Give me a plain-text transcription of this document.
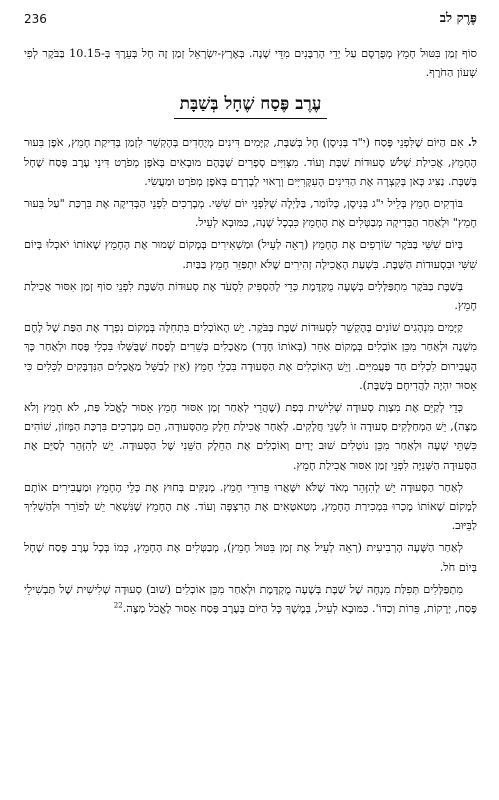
236	פֶּרֶק לב

סוֹף זְמַן בִּטּוּל חָמֵץ מְפֻרְסָם עַל יְדֵי הָרַבָּנִים מִדֵּי שָׁנָה. בְּאֶרֶץ-יִשְׂרָאֵל זְמַן זֶה חָל בְּעֵרֶךְ בְּ-10.15 בַּבֹּקֶר לְפִי שְׁעוֹן הַחֹרֶף.

עֶרֶב פֶּסַח שֶׁחָל בְּשַׁבָּת

ל. אִם הַיּוֹם שֶׁלִּפְנֵי פֶּסַח (י"ד בְּנִיסָן) חָל בְּשַׁבָּת, קַיָּמִים דִּינִים מְיֻחָדִים בְּהֶקְשֵׁר לִזְמַן בְּדִיקַת חָמֵץ, אֹפֶן בִּעוּר הֶחָמֵץ, אֲכִילַת שָׁלֹשׁ סְעוּדוֹת שַׁבָּת וְעוֹד. מִצְּוִיִּים סְפָרִים שֶׁבָּהֶם מוּבָאִים בְּאֹפֶן מְפֹרָט דִּינֵי עֶרֶב פֶּסַח שֶׁחָל בְּשַׁבָּת. נַצִּיג כָּאן בְּקִצְרָה אֶת הַדִּינִים הָעִקָּרִיִּים וְרָאוּי לְבָרְרָם בְּאֹפֶן מְפֹרָט וּמַעֲשִׂי.

בּוֹדְקִים חָמֵץ בְּלֵיל י"ג בְּנִיסָן, כְּלוֹמַר, בַּלַּיְלָה שֶׁלִּפְנֵי יוֹם שִׁשִּׁי. מְבָרְכִים לִפְנֵי הַבְּדִיקָה אֶת בִּרְכַּת "עַל בִּעוּר חָמֵץ" וּלְאַחַר הַבְּדִיקָה מְבַטְּלִים אֶת הֶחָמֵץ כִּבְכָל שָׁנָה, כַּמּוּבָא לְעֵיל.

בְּיוֹם שִׁשִּׁי בַּבֹּקֶר שׂוֹרְפִים אֶת הֶחָמֵץ (רְאֵה לְעֵיל) וּמַשְׁאִירִים בְּמָקוֹם שָׁמוּר אֶת הֶחָמֵץ שֶׁאוֹתוֹ יֹאכְלוּ בְּיוֹם שִׁשִּׁי וּבִסְעוּדוֹת הַשַּׁבָּת. בִּשְׁעַת הָאֲכִילָה זְהִירִים שֶׁלֹּא יִתְפַּזֵּר חָמֵץ בַּבַּיִת.

בְּשַׁבָּת בַּבֹּקֶר מִתְפַּלְּלִים בְּשָׁעָה מֻקְדֶּמֶת כְּדֵי לְהַסְפִּיק לִסְעֹד אֶת סְעוּדוֹת הַשַּׁבָּת לִפְנֵי סוֹף זְמַן אִסּוּר אֲכִילַת חָמֵץ.

קַיָּמִים מִנְהָגִים שׁוֹנִים בְּהֶקְשֵׁר לִסְעוּדוֹת שַׁבָּת בַּבֹּקֶר. יֵשׁ הָאוֹכְלִים בִּתְחִלָּה בְּמָקוֹם נִפְרָד אֶת הַפַּת שֶׁל לֶחֶם מִשְׁנֶה וּלְאַחַר מִכֵּן אוֹכְלִים בְּמָקוֹם אַחֵר (בְּאוֹתוֹ חֶדֶר) מַאֲכָלִים כְּשֵׁרִים לְפֶסַח שֶׁבֻּשְּׁלוּ בִּכְלֵי פֶּסַח וּלְאַחַר כָּךְ הָעֲבִירוּם לִכְלִים חַד פַּעֲמִיִּים. וְיֵשׁ הָאוֹכְלִים אֶת הַסְּעוּדָה בִּכְלֵי חָמֵץ (אֵין לְבַשֵּׁל מַאֲכָלִים הַנִּדְבָּקִים לַכֵּלִים כִּי אָסוּר יִהְיֶה לַהֲדִיחָם בְּשַׁבָּת).

כְּדֵי לְקַיֵּם אֶת מִצְוַת סְעוּדָה שְׁלִישִׁית בְּפַת (שֶׁהֲרֵי לְאַחַר זְמַן אִסּוּר חָמֵץ אָסוּר לֶאֱכֹל פַּת, לֹא חָמֵץ וְלֹא מַצָּה), יֵשׁ הַמְחַלְּקִים סְעוּדָה זוֹ לִשְׁנֵי חֲלָקִים. לְאַחַר אֲכִילַת חֵלֶק מֵהַסְּעוּדָה, הֵם מְבָרְכִים בִּרְכַּת הַמָּזוֹן, שׁוֹהִים כִּשְׁתֵּי שָׁעָה וּלְאַחַר מִכֵּן נוֹטְלִים שׁוּב יָדַיִם וְאוֹכְלִים אֶת הַחֵלֶק הַשֵּׁנִי שֶׁל הַסְּעוּדָה. יֵשׁ לְהִזָּהֵר לְסַיֵּם אֶת הַסְּעוּדָה הַשְּׁנִיָּה לִפְנֵי זְמַן אִסּוּר אֲכִילַת חָמֵץ.

לְאַחַר הַסְּעוּדָה יֵשׁ לְהִזָּהֵר מְאֹד שֶׁלֹּא יִשָּׁאֲרוּ פֵּרוּרֵי חָמֵץ. מְנַקִּים בְּחוּץ אֶת כְּלֵי הֶחָמֵץ וּמַעֲבִירִים אוֹתָם לְמָקוֹם שֶׁאוֹתוֹ מָכְרוּ בִּמְכִירַת הֶחָמֵץ, מְטַאטְאִים אֶת הָרִצְפָּה וְעוֹד. אֶת הֶחָמֵץ שֶׁנִּשְׁאַר יֵשׁ לְפוֹרֵר וּלְהַשְׁלִיךְ לַבֵּיּוּב.

לְאַחַר הַשָּׁעָה הָרְבִיעִית (רְאֵה לְעֵיל אֶת זְמַן בִּטּוּל חָמֵץ), מְבַטְּלִים אֶת הֶחָמֵץ, כְּמוֹ בְּכָל עֶרֶב פֶּסַח שֶׁחָל בְּיוֹם חֹל.

מִתְפַּלְּלִים תְּפִלַּת מִנְחָה שֶׁל שַׁבָּת בְּשָׁעָה מֻקְדֶּמֶת וּלְאַחַר מִכֵּן אוֹכְלִים (שׁוּב) סְעוּדָה שְׁלִישִׁית שֶׁל תַּבְשִׁילֵי פֶּסַח, יְרָקוֹת, פֵּרוֹת וְכַדּוֹ'. כַּמּוּבָא לְעֵיל, בְּמֶשֶׁךְ כָּל הַיּוֹם בְּעֶרֶב פֶּסַח אָסוּר לֶאֱכֹל מַצָּה.$^{22}$
